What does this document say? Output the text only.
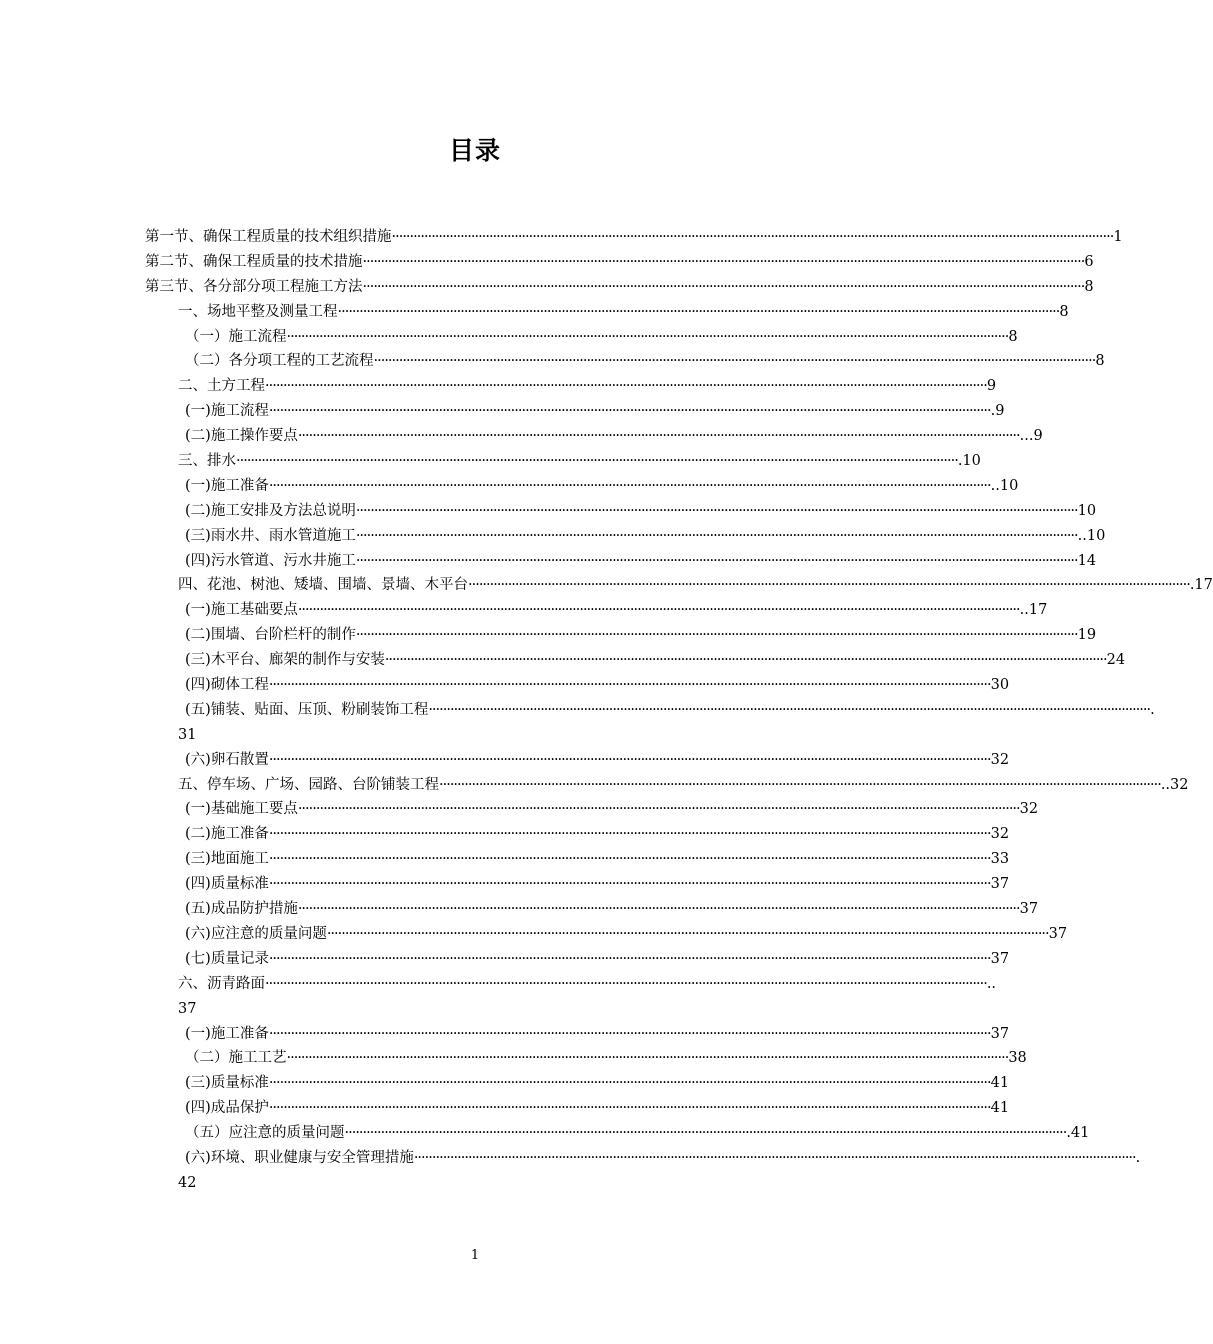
目录
第一节、确保工程质量的技术组织措施 ········································································································································································································ 1
第二节、确保工程质量的技术措施 ········································································································································································································ 6
第三节、各分部分项工程施工方法 ········································································································································································································ 8
一、场地平整及测量工程 ········································································································································································································ 8
（一）施工流程 ········································································································································································································ 8
（二）各分项工程的工艺流程 ········································································································································································································ 8
二、土方工程 ········································································································································································································ 9
(一)施工流程 ········································································································································································································ .9
(二)施工操作要点 ········································································································································································································ ...9
三、排水 ········································································································································································································ .10
(一)施工准备 ········································································································································································································ ..10
(二)施工安排及方法总说明 ········································································································································································································ 10
(三)雨水井、雨水管道施工 ········································································································································································································ ..10
(四)污水管道、污水井施工 ········································································································································································································ 14
四、花池、树池、矮墙、围墙、景墙、木平台 ········································································································································································································ .17
(一)施工基础要点 ········································································································································································································ ..17
(二)围墙、台阶栏杆的制作 ········································································································································································································ 19
(三)木平台、廊架的制作与安装 ········································································································································································································ 24
(四)砌体工程 ········································································································································································································ 30
(五)铺装、贴面、压顶、粉刷装饰工程 ········································································································································································································ .
31
(六)卵石散置 ········································································································································································································ 32
五、停车场、广场、园路、台阶铺装工程 ········································································································································································································ ..32
(一)基础施工要点 ········································································································································································································ 32
(二)施工准备 ········································································································································································································ 32
(三)地面施工 ········································································································································································································ 33
(四)质量标准 ········································································································································································································ 37
(五)成品防护措施 ········································································································································································································ 37
(六)应注意的质量问题 ········································································································································································································ 37
(七)质量记录 ········································································································································································································ 37
六、沥青路面 ········································································································································································································ ..
37
(一)施工准备 ········································································································································································································ 37
（二）施工工艺 ········································································································································································································ 38
(三)质量标准 ········································································································································································································ 41
(四)成品保护 ········································································································································································································ 41
（五）应注意的质量问题 ········································································································································································································ .41
(六)环境、职业健康与安全管理措施 ········································································································································································································ .
42
1
